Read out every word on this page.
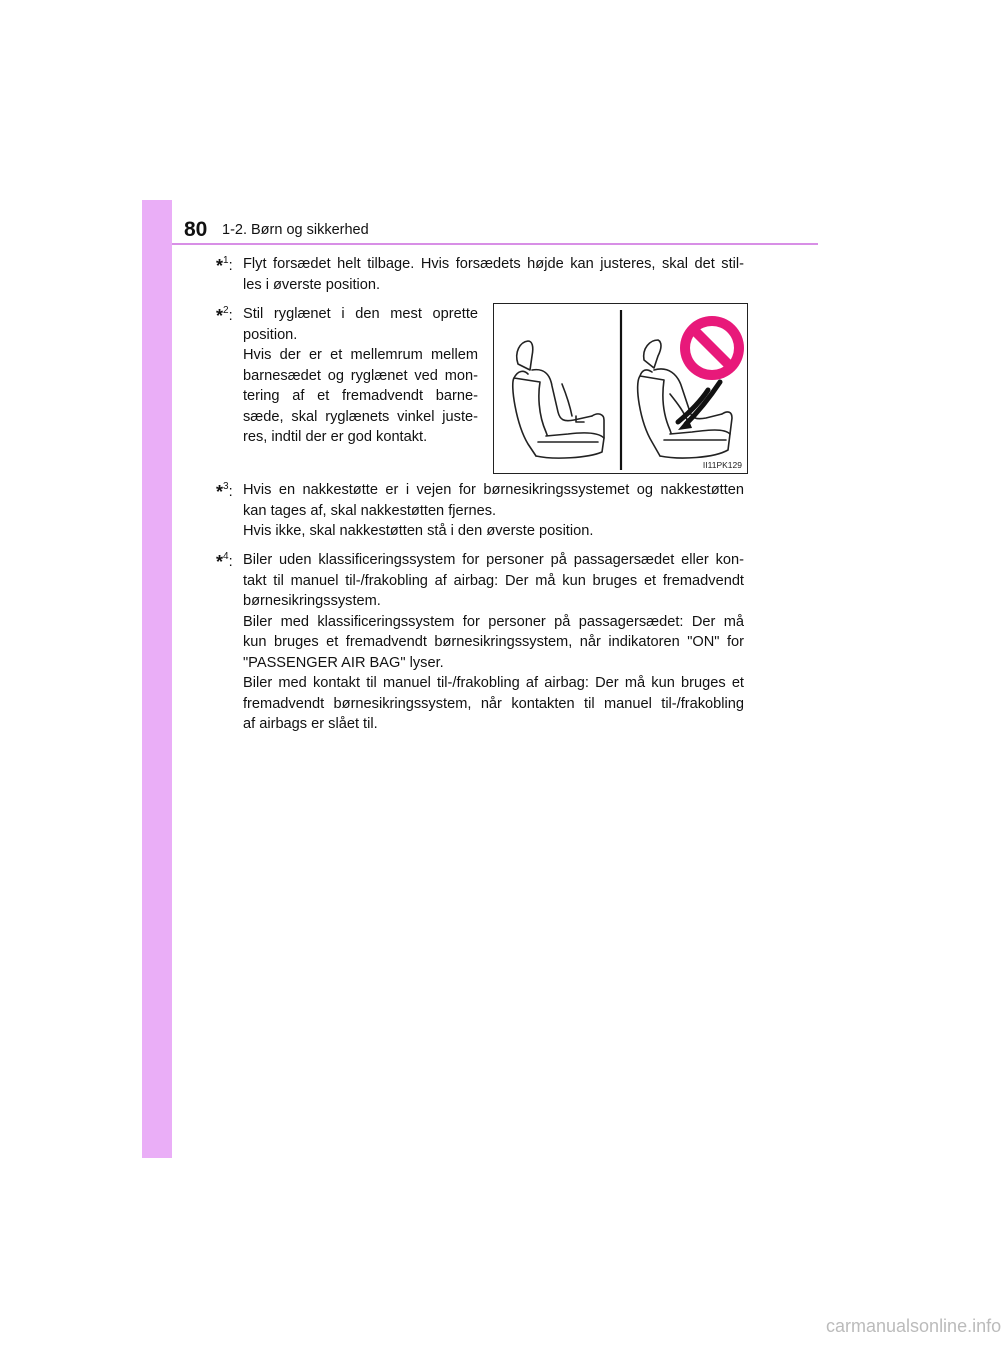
80 1-2. Børn og sikkerhed
*$^1$: Flyt forsædet helt tilbage. Hvis forsædets højde kan justeres, skal det stil-

les i øverste position.

*$^2$: Stil ryglænet i den mest oprette

position.

Hvis der er et mellemrum mellem

barnesædet og ryglænet ved mon-

tering af et fremadvendt barne-

sæde, skal ryglænets vinkel juste-

res, indtil der er god kontakt.

II11PK129
*$^3$: Hvis en nakkestøtte er i vejen for børnesikringssystemet og nakkestøtten

kan tages af, skal nakkestøtten fjernes.

Hvis ikke, skal nakkestøtten stå i den øverste position.

*$^4$: Biler uden klassificeringssystem for personer på passagersædet eller kon-

takt til manuel til-/frakobling af airbag: Der må kun bruges et fremadvendt

børnesikringssystem.

Biler med klassificeringssystem for personer på passagersædet: Der må

kun bruges et fremadvendt børnesikringssystem, når indikatoren "ON" for

"PASSENGER AIR BAG" lyser.

Biler med kontakt til manuel til-/frakobling af airbag: Der må kun bruges et

fremadvendt børnesikringssystem, når kontakten til manuel til-/frakobling

af airbags er slået til.

carmanualsonline.info
